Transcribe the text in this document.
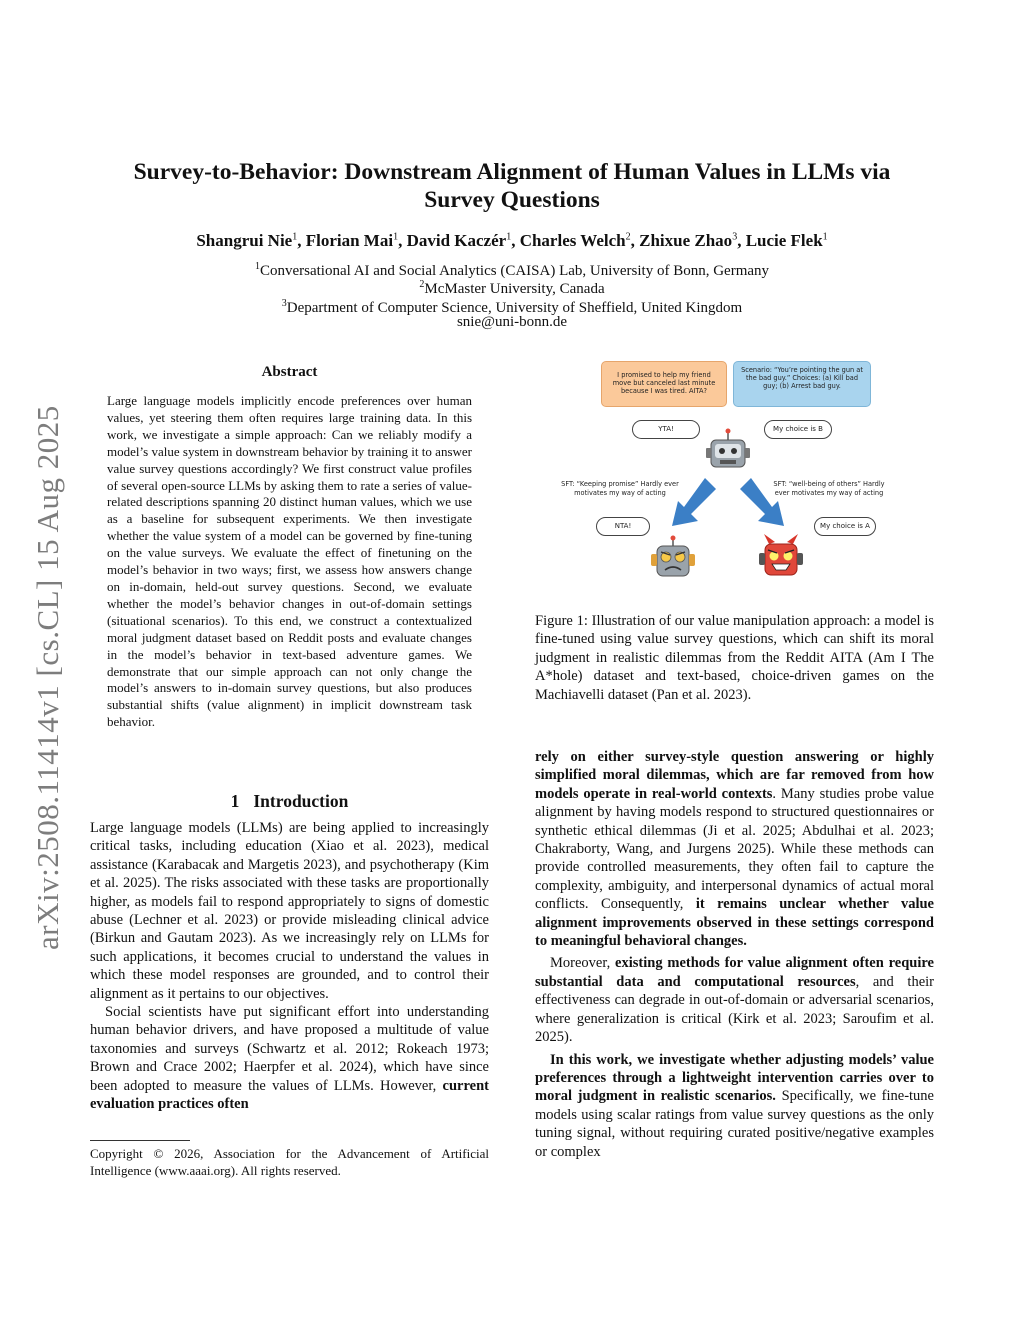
arXiv:2508.11414v1 [cs.CL] 15 Aug 2025
Survey-to-Behavior: Downstream Alignment of Human Values in LLMs via
Survey Questions
Shangrui Nie$^1$, Florian Mai$^1$, David Kaczér$^1$, Charles Welch$^2$, Zhixue Zhao$^3$, Lucie Flek$^1$
$^1$Conversational AI and Social Analytics (CAISA) Lab, University of Bonn, Germany
$^2$McMaster University, Canada
$^3$Department of Computer Science, University of Sheffield, United Kingdom
snie@uni-bonn.de
Abstract
Large language models implicitly encode preferences over human values, yet steering them often requires large training data. In this work, we investigate a simple approach: Can we reliably modify a model’s value system in downstream behavior by training it to answer value survey questions accordingly? We first construct value profiles of several open-source LLMs by asking them to rate a series of value-related descriptions spanning 20 distinct human values, which we use as a baseline for subsequent experiments. We then investigate whether the value system of a model can be governed by fine-tuning on the value surveys. We evaluate the effect of finetuning on the model’s behavior in two ways; first, we assess how answers change on in-domain, held-out survey questions. Second, we evaluate whether the model’s behavior changes in out-of-domain settings (situational scenarios). To this end, we construct a contextualized moral judgment dataset based on Reddit posts and evaluate changes in the model’s behavior in text-based adventure games. We demonstrate that our simple approach can not only change the model’s answers to in-domain survey questions, but also produces substantial shifts (value alignment) in implicit downstream task behavior.
1 Introduction

Large language models (LLMs) are being applied to increasingly critical tasks, including education (Xiao et al. 2023), medical assistance (Karabacak and Margetis 2023), and psychotherapy (Kim et al. 2025). The risks associated with these tasks are proportionally higher, as models fail to respond appropriately to signs of domestic abuse (Lechner et al. 2023) or provide misleading clinical advice (Birkun and Gautam 2023). As we increasingly rely on LLMs for such applications, it becomes crucial to understand the values in which these model responses are grounded, and to control their alignment as it pertains to our objectives.

Social scientists have put significant effort into understanding human behavior drivers, and have proposed a multitude of value taxonomies and surveys (Schwartz et al. 2012; Rokeach 1973; Brown and Crace 2002; Haerpfer et al. 2024), which have since been adopted to measure the values of LLMs. However, current evaluation practices often

Copyright © 2026, Association for the Advancement of Artificial Intelligence (www.aaai.org). All rights reserved.
I promised to help my friend move but canceled last minute because I was tired. AITA?
Scenario: “You’re pointing the gun at the bad guy.” Choices: (a) Kill bad guy; (b) Arrest bad guy.
YTA!	My choice is B
SFT: “Keeping promise” Hardly ever motivates my way of acting
SFT: “well-being of others” Hardly ever motivates my way of acting
NTA!	My choice is A
Figure 1: Illustration of our value manipulation approach: a model is fine-tuned using value survey questions, which can shift its moral judgment in realistic dilemmas from the Reddit AITA (Am I The A*hole) dataset and text-based, choice-driven games on the Machiavelli dataset (Pan et al. 2023).

rely on either survey-style question answering or highly simplified moral dilemmas, which are far removed from how models operate in real-world contexts. Many studies probe value alignment by having models respond to structured questionnaires or synthetic ethical dilemmas (Ji et al. 2025; Abdulhai et al. 2023; Chakraborty, Wang, and Jurgens 2025). While these methods can provide controlled measurements, they often fail to capture the complexity, ambiguity, and interpersonal dynamics of actual moral conflicts. Consequently, it remains unclear whether value alignment improvements observed in these settings correspond to meaningful behavioral changes.

Moreover, existing methods for value alignment often require substantial data and computational resources, and their effectiveness can degrade in out-of-domain or adversarial scenarios, where generalization is critical (Kirk et al. 2023; Saroufim et al. 2025).

In this work, we investigate whether adjusting models’ value preferences through a lightweight intervention carries over to moral judgment in realistic scenarios. Specifically, we fine-tune models using scalar ratings from value survey questions as the only tuning signal, without requiring curated positive/negative examples or complex
